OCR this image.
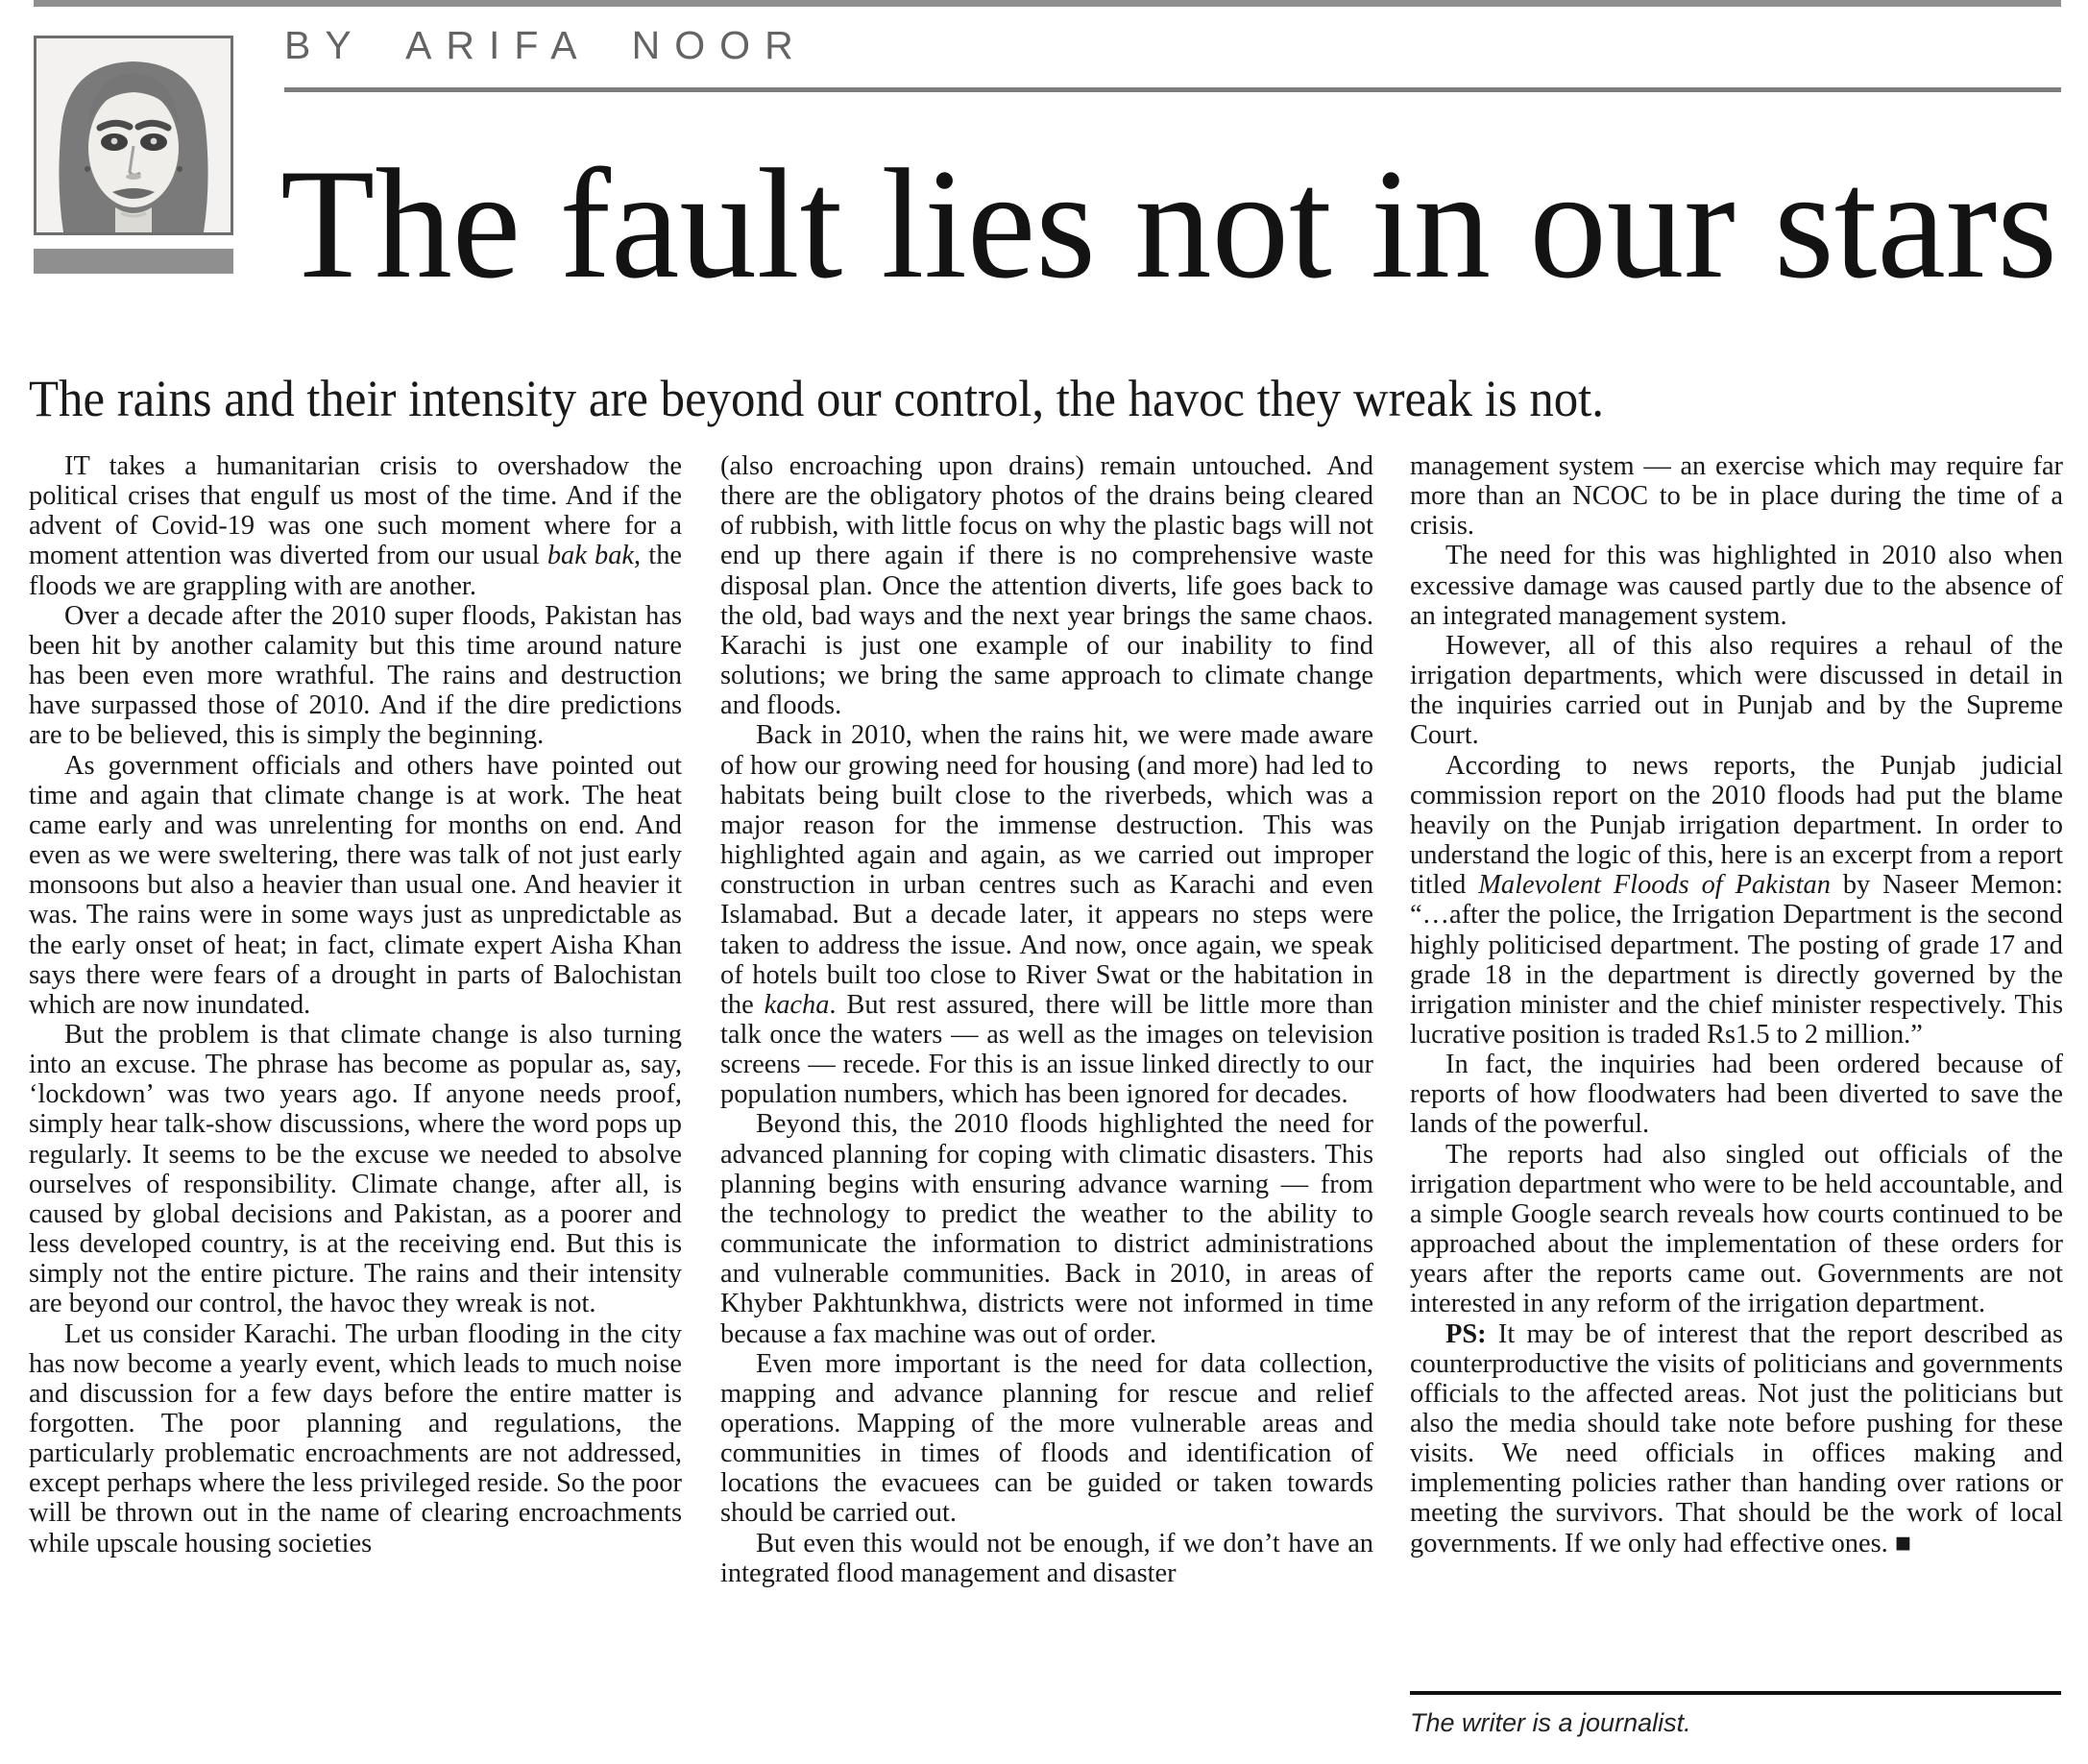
BY ARIFA NOOR
The fault lies not in our stars
The rains and their intensity are beyond our control, the havoc they wreak is not.

IT takes a humanitarian crisis to overshadow the political crises that engulf us most of the time. And if the advent of Covid-19 was one such moment where for a moment attention was diverted from our usual bak bak, the floods we are grappling with are another.

Over a decade after the 2010 super floods, Pakistan has been hit by another calamity but this time around nature has been even more wrathful. The rains and destruction have surpassed those of 2010. And if the dire predictions are to be believed, this is simply the beginning.

As government officials and others have pointed out time and again that climate change is at work. The heat came early and was unrelenting for months on end. And even as we were sweltering, there was talk of not just early monsoons but also a heavier than usual one. And heavier it was. The rains were in some ways just as unpredictable as the early onset of heat; in fact, climate expert Aisha Khan says there were fears of a drought in parts of Balochistan which are now inundated.

But the problem is that climate change is also turning into an excuse. The phrase has become as popular as, say, ‘lockdown’ was two years ago. If anyone needs proof, simply hear talk-show discussions, where the word pops up regularly. It seems to be the excuse we needed to absolve ourselves of responsibility. Climate change, after all, is caused by global decisions and Pakistan, as a poorer and less developed country, is at the receiving end. But this is simply not the entire picture. The rains and their intensity are beyond our control, the havoc they wreak is not.

Let us consider Karachi. The urban flooding in the city has now become a yearly event, which leads to much noise and discussion for a few days before the entire matter is forgotten. The poor planning and regulations, the particularly problematic encroachments are not addressed, except perhaps where the less privileged reside. So the poor will be thrown out in the name of clearing encroachments while upscale housing societies

(also encroaching upon drains) remain untouched. And there are the obligatory photos of the drains being cleared of rubbish, with little focus on why the plastic bags will not end up there again if there is no comprehensive waste disposal plan. Once the attention diverts, life goes back to the old, bad ways and the next year brings the same chaos. Karachi is just one example of our inability to find solutions; we bring the same approach to climate change and floods.

Back in 2010, when the rains hit, we were made aware of how our growing need for housing (and more) had led to habitats being built close to the riverbeds, which was a major reason for the immense destruction. This was highlighted again and again, as we carried out improper construction in urban centres such as Karachi and even Islamabad. But a decade later, it appears no steps were taken to address the issue. And now, once again, we speak of hotels built too close to River Swat or the habitation in the kacha. But rest assured, there will be little more than talk once the waters — as well as the images on television screens — recede. For this is an issue linked directly to our population numbers, which has been ignored for decades.

Beyond this, the 2010 floods highlighted the need for advanced planning for coping with climatic disasters. This planning begins with ensuring advance warning — from the technology to predict the weather to the ability to communicate the information to district administrations and vulnerable communities. Back in 2010, in areas of Khyber Pakhtunkhwa, districts were not informed in time because a fax machine was out of order.

Even more important is the need for data collection, mapping and advance planning for rescue and relief operations. Mapping of the more vulnerable areas and communities in times of floods and identification of locations the evacuees can be guided or taken towards should be carried out.

But even this would not be enough, if we don’t have an integrated flood management and disaster

management system — an exercise which may require far more than an NCOC to be in place during the time of a crisis.

The need for this was highlighted in 2010 also when excessive damage was caused partly due to the absence of an integrated management system.

However, all of this also requires a rehaul of the irrigation departments, which were discussed in detail in the inquiries carried out in Punjab and by the Supreme Court.

According to news reports, the Punjab judicial commission report on the 2010 floods had put the blame heavily on the Punjab irrigation department. In order to understand the logic of this, here is an excerpt from a report titled Malevolent Floods of Pakistan by Naseer Memon: “…after the police, the Irrigation Department is the second highly politicised department. The posting of grade 17 and grade 18 in the department is directly governed by the irrigation minister and the chief minister respectively. This lucrative position is traded Rs1.5 to 2 million.”

In fact, the inquiries had been ordered because of reports of how floodwaters had been diverted to save the lands of the powerful.

The reports had also singled out officials of the irrigation department who were to be held accountable, and a simple Google search reveals how courts continued to be approached about the implementation of these orders for years after the reports came out. Governments are not interested in any reform of the irrigation department.

PS: It may be of interest that the report described as counterproductive the visits of politicians and governments officials to the affected areas. Not just the politicians but also the media should take note before pushing for these visits. We need officials in offices making and implementing policies rather than handing over rations or meeting the survivors. That should be the work of local governments. If we only had effective ones. ■

The writer is a journalist.
